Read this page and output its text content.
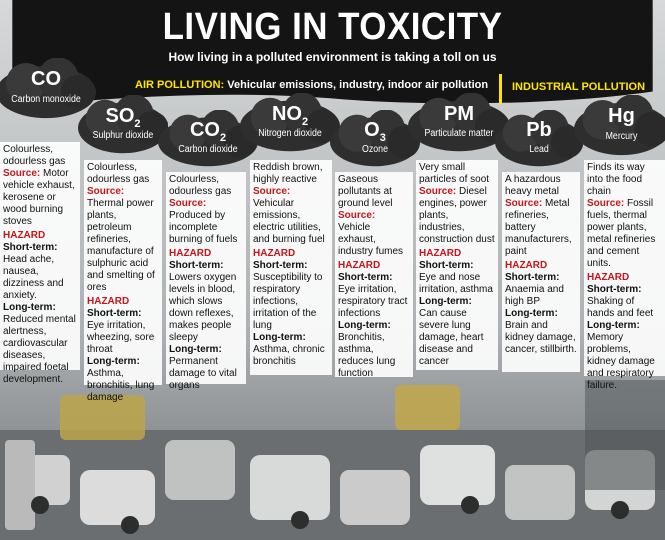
LIVING IN TOXICITY
How living in a polluted environment is taking a toll on us
AIR POLLUTION: Vehicular emissions, industry, indoor air pollution INDUSTRIAL POLLUTION
CO
Carbon monoxide
$SO_2$
Sulphur dioxide	$CO_2$
Carbon dioxide
$NO_2$
Nitrogen dioxide	$O_3$
Ozone
PM
Particulate matter	Pb
Lead
Hg
Mercury

Colourless, odourless gas

Source: Motor vehicle exhaust, kerosene or wood burning stoves

HAZARD

Short-term:

Head ache, nausea, dizziness and anxiety.

Long-term:

Reduced mental alertness, cardiovascular diseases, impaired foetal development.

Colourless, odourless gas

Source: Thermal power plants, petroleum refineries, manufacture of sulphuric acid and smelting of ores

HAZARD

Short-term:

Eye irritation, wheezing, sore throat

Long-term:

Asthma, bronchitis, lung damage

Colourless, odourless gas

Source: Produced by incomplete burning of fuels

HAZARD

Short-term:

Lowers oxygen levels in blood, which slows down reflexes, makes people sleepy

Long-term:

Permanent damage to vital organs

Reddish brown, highly reactive

Source: Vehicular emissions, electric utilities, and burning fuel

HAZARD

Short-term:

Susceptibility to respiratory infections, irritation of the lung

Long-term:

Asthma, chronic bronchitis

Gaseous pollutants at ground level

Source: Vehicle exhaust, industry fumes

HAZARD

Short-term:

Eye irritation, respiratory tract infections

Long-term:

Bronchitis, asthma, reduces lung function

Very small particles of soot

Source: Diesel engines, power plants, industries, construction dust

HAZARD

Short-term:

Eye and nose irritation, asthma

Long-term:

Can cause severe lung damage, heart disease and cancer

A hazardous heavy metal

Source: Metal refineries, battery manufacturers, paint

HAZARD

Short-term:

Anaemia and high BP

Long-term:

Brain and kidney damage, cancer, stillbirth.

Finds its way into the food chain

Source: Fossil fuels, thermal power plants, metal refineries and cement units.

HAZARD

Short-term:

Shaking of hands and feet

Long-term:

Memory problems, kidney damage and respiratory failure.
